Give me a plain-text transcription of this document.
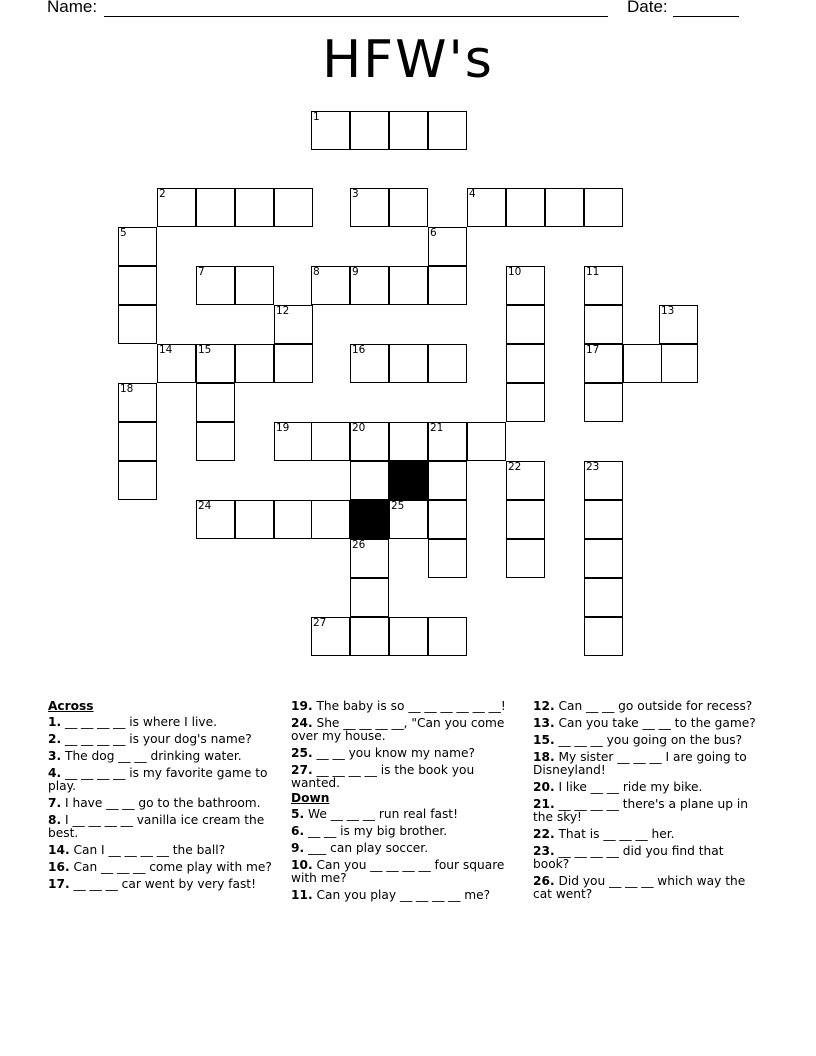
Name:	Date:
HFW's
1
2	3	4
5	6
7	8	9	10	11
17
12	13
14 15	16
18
19	20	21
22	23
24	25
26
27
Across
1. __ __ __ __ is where I live.
2. __ __ __ __ is your dog's name?
3. The dog __ __ drinking water.
4. __ __ __ __ is my favorite game to play.
7. I have __ __ go to the bathroom.
8. I __ __ __ __ vanilla ice cream the best.
14. Can I __ __ __ __ the ball?
16. Can __ __ __ come play with me?
17. __ __ __ car went by very fast!
19. The baby is so __ __ __ __ __ __!
24. She __ __ __ __, "Can you come over my house.
25. __ __ you know my name?
27. __ __ __ __ is the book you wanted.
Down
5. We __ __ __ run real fast!
6. __ __ is my big brother.
9. ___ can play soccer.
10. Can you __ __ __ __ four square with me?
11. Can you play __ __ __ __ me?
12. Can __ __ go outside for recess?
13. Can you take __ __ to the game?
15. __ __ __ you going on the bus?
18. My sister __ __ __ I are going to Disneyland!
20. I like __ __ ride my bike.
21. __ __ __ __ there's a plane up in the sky!
22. That is __ __ __ her.
23. __ __ __ __ did you find that book?
26. Did you __ __ __ which way the cat went?
